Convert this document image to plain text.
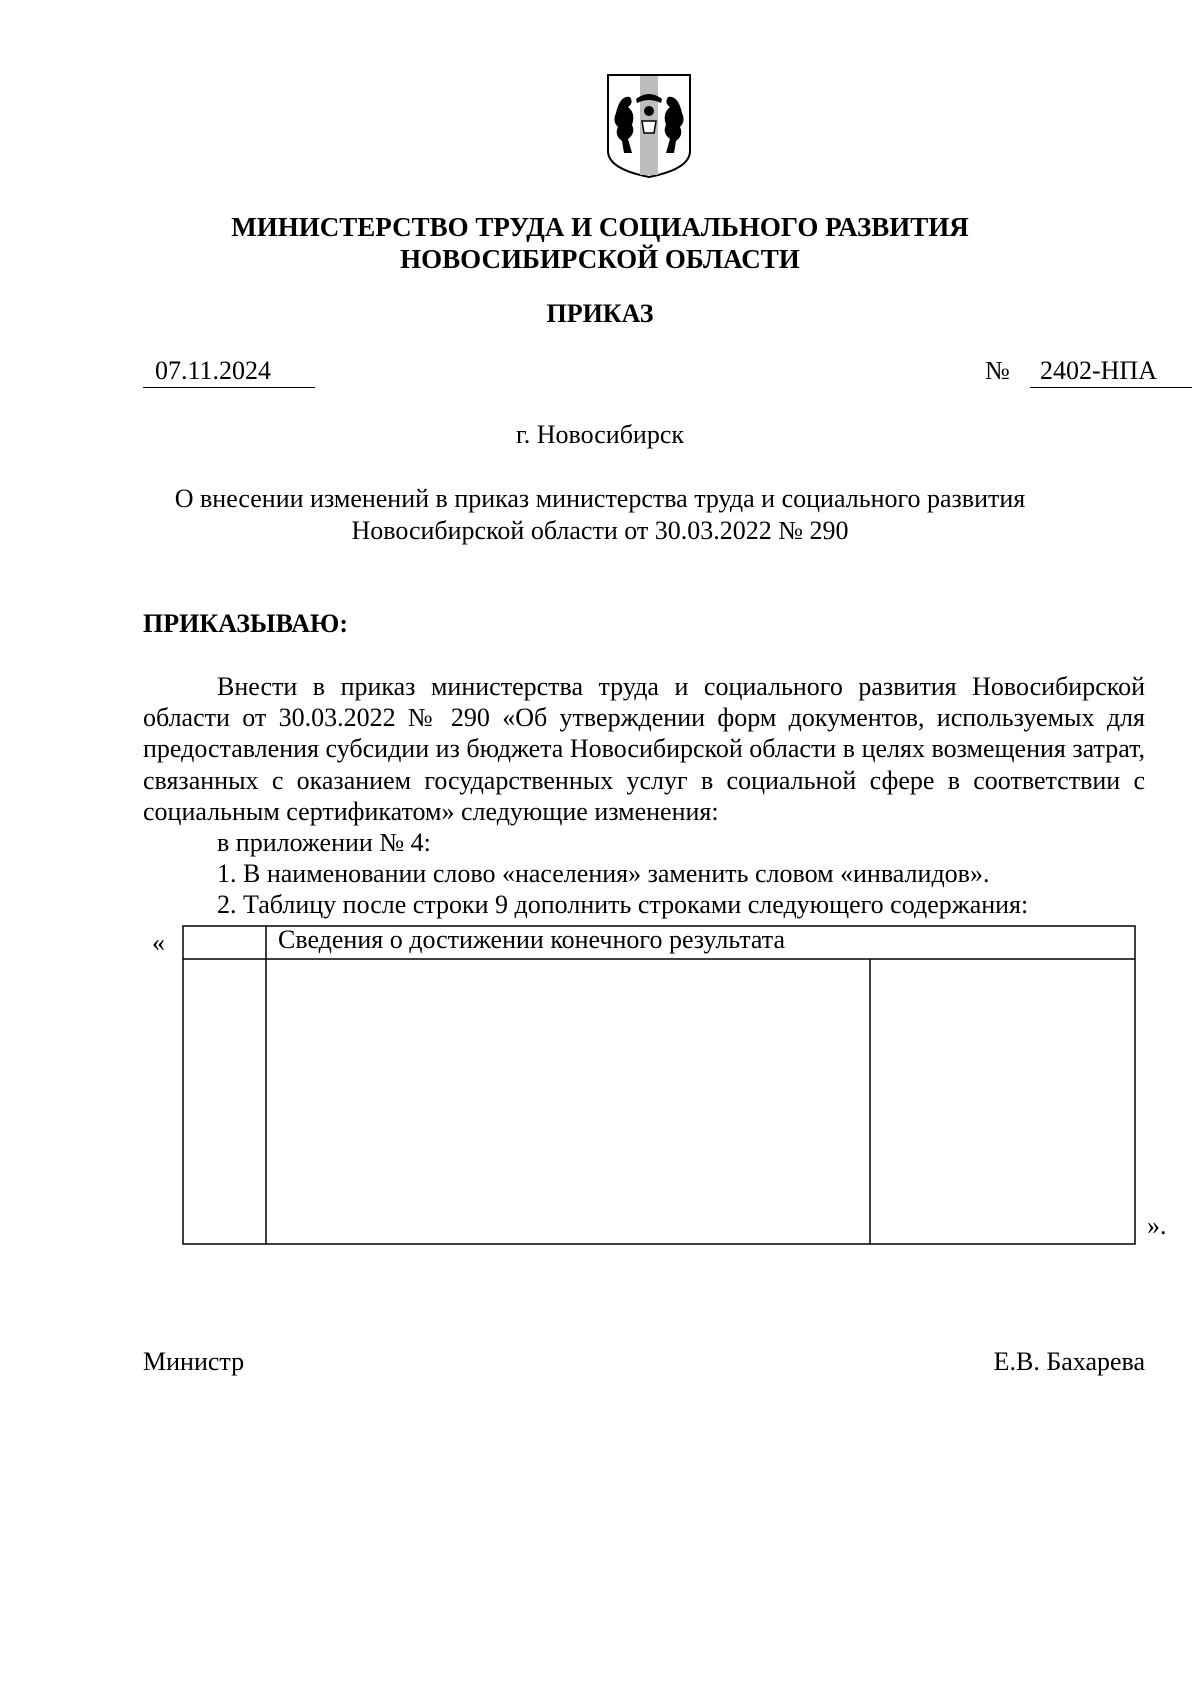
МИНИСТЕРСТВО ТРУДА И СОЦИАЛЬНОГО РАЗВИТИЯ
НОВОСИБИРСКОЙ ОБЛАСТИ
ПРИКАЗ
07.11.2024	№	2402-НПА
г. Новосибирск
О внесении изменений в приказ министерства труда и социального развития
Новосибирской области от 30.03.2022 № 290
ПРИКАЗЫВАЮ:

Внести в приказ министерства труда и социального развития Новосибирской области от 30.03.2022 № 290 «Об утверждении форм документов, используемых для предоставления субсидии из бюджета Новосибирской области в целях возмещения затрат, связанных с оказанием государственных услуг в социальной сфере в соответствии с социальным сертификатом» следующие изменения:

в приложении № 4:

1. В наименовании слово «населения» заменить словом «инвалидов».

2. Таблицу после строки 9 дополнить строками следующего содержания:

«	Сведения о достижении конечного результата
».
Министр	Е.В. Бахарева
